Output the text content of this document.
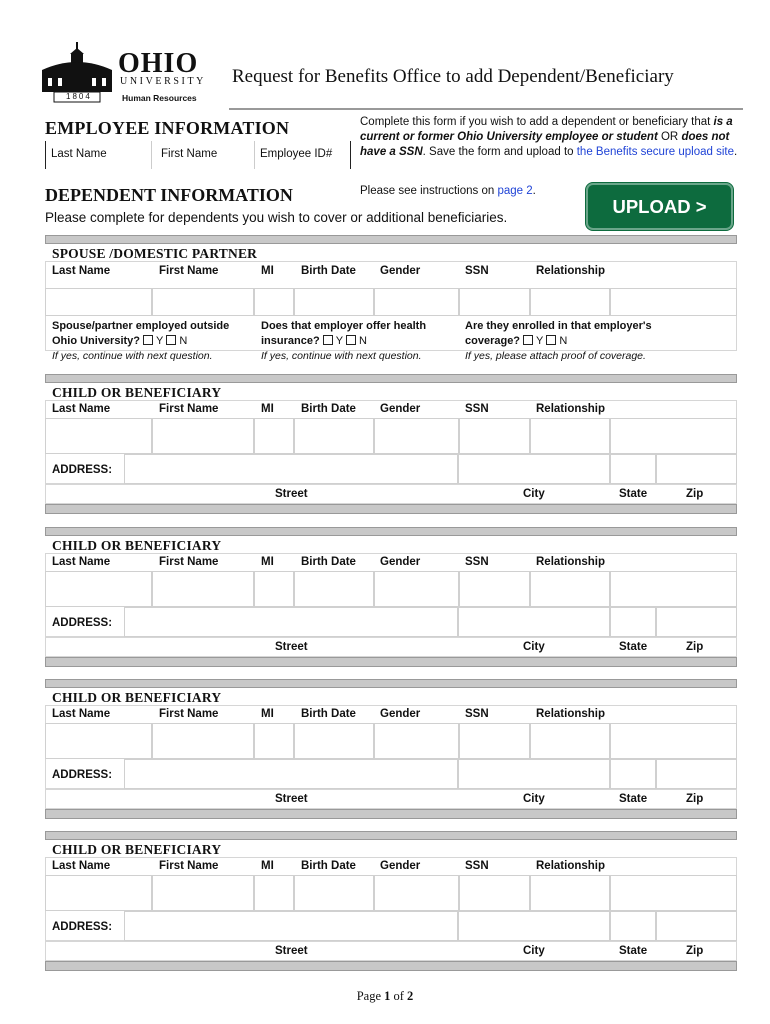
1804
OHIO
UNIVERSITY
Human Resources
Request for Benefits Office to add Dependent/Beneficiary
EMPLOYEE INFORMATION
Last Name	First Name	Employee ID#
Complete this form if you wish to add a dependent or beneficiary that is a current or former Ohio University employee or student OR does not have a SSN. Save the form and upload to the Benefits secure upload site.
Please see instructions on page 2.
UPLOAD >
DEPENDENT INFORMATION
Please complete for dependents you wish to cover or additional beneficiaries.
SPOUSE /DOMESTIC PARTNER
Last Name	First Name	MI Birth Date Gender	SSN	Relationship
Spouse/partner employed outside
Ohio University? Y N
If yes, continue with next question.
Does that employer offer health
insurance? Y N
If yes, continue with next question.
Are they enrolled in that employer's
coverage? Y N
If yes, please attach proof of coverage.
CHILD OR BENEFICIARY
Last Name	First Name	MI Birth Date Gender	SSN	Relationship
ADDRESS:
Street	City	State	Zip
CHILD OR BENEFICIARY
Last Name	First Name	MI Birth Date Gender	SSN	Relationship
ADDRESS:
Street	City	State	Zip
CHILD OR BENEFICIARY
Last Name	First Name	MI Birth Date Gender	SSN	Relationship
ADDRESS:
Street	City	State	Zip
CHILD OR BENEFICIARY
Last Name	First Name	MI Birth Date Gender	SSN	Relationship
ADDRESS:
Street	City	State	Zip
Page 1 of 2
